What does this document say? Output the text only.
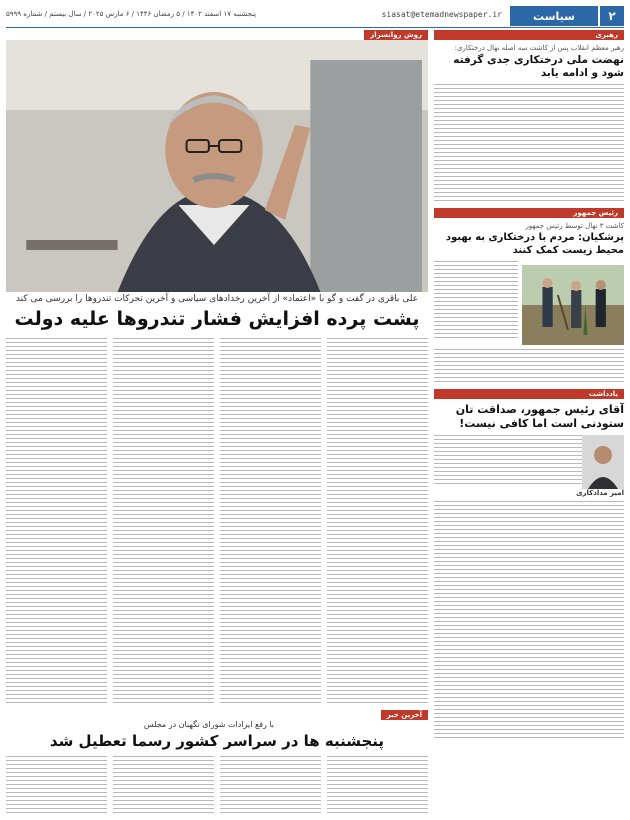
۲
سیاست
siasat@etemadnewspaper.ir
پنجشنبه ۱۷ اسفند ۱۴۰۲ / ۵ رمضان ۱۴۴۶ / ۶ مارس ۲۰۲۵ / سال بیستم / شماره ۵۹۹۹
رهبری
رهبر معظم انقلاب پس از کاشت سه اصله نهال درختکاری:
نهضت ملی درختکاری جدی گرفته شود و ادامه یابد
رئیس جمهور
کاشت ۳ نهال توسط رئیس جمهور
پزشکیان: مردم با درختکاری به بهبود محیط زیست کمک کنند
یادداشت
آقای رئیس جمهور، صداقت تان ستودنی است اما کافی نیست!
امیر مدادکاری
روش روانسراز
علی باقری در گفت و گو با «اعتماد» از آخرین رخدادهای سیاسی و آخرین تحرکات تندروها را بررسی می کند
پشت پرده افزایش فشار تندروها علیه دولت
آخرین خبر
با رفع ایرادات شورای نگهبان در مجلس
پنجشنبه ها در سراسر کشور رسما تعطیل شد
